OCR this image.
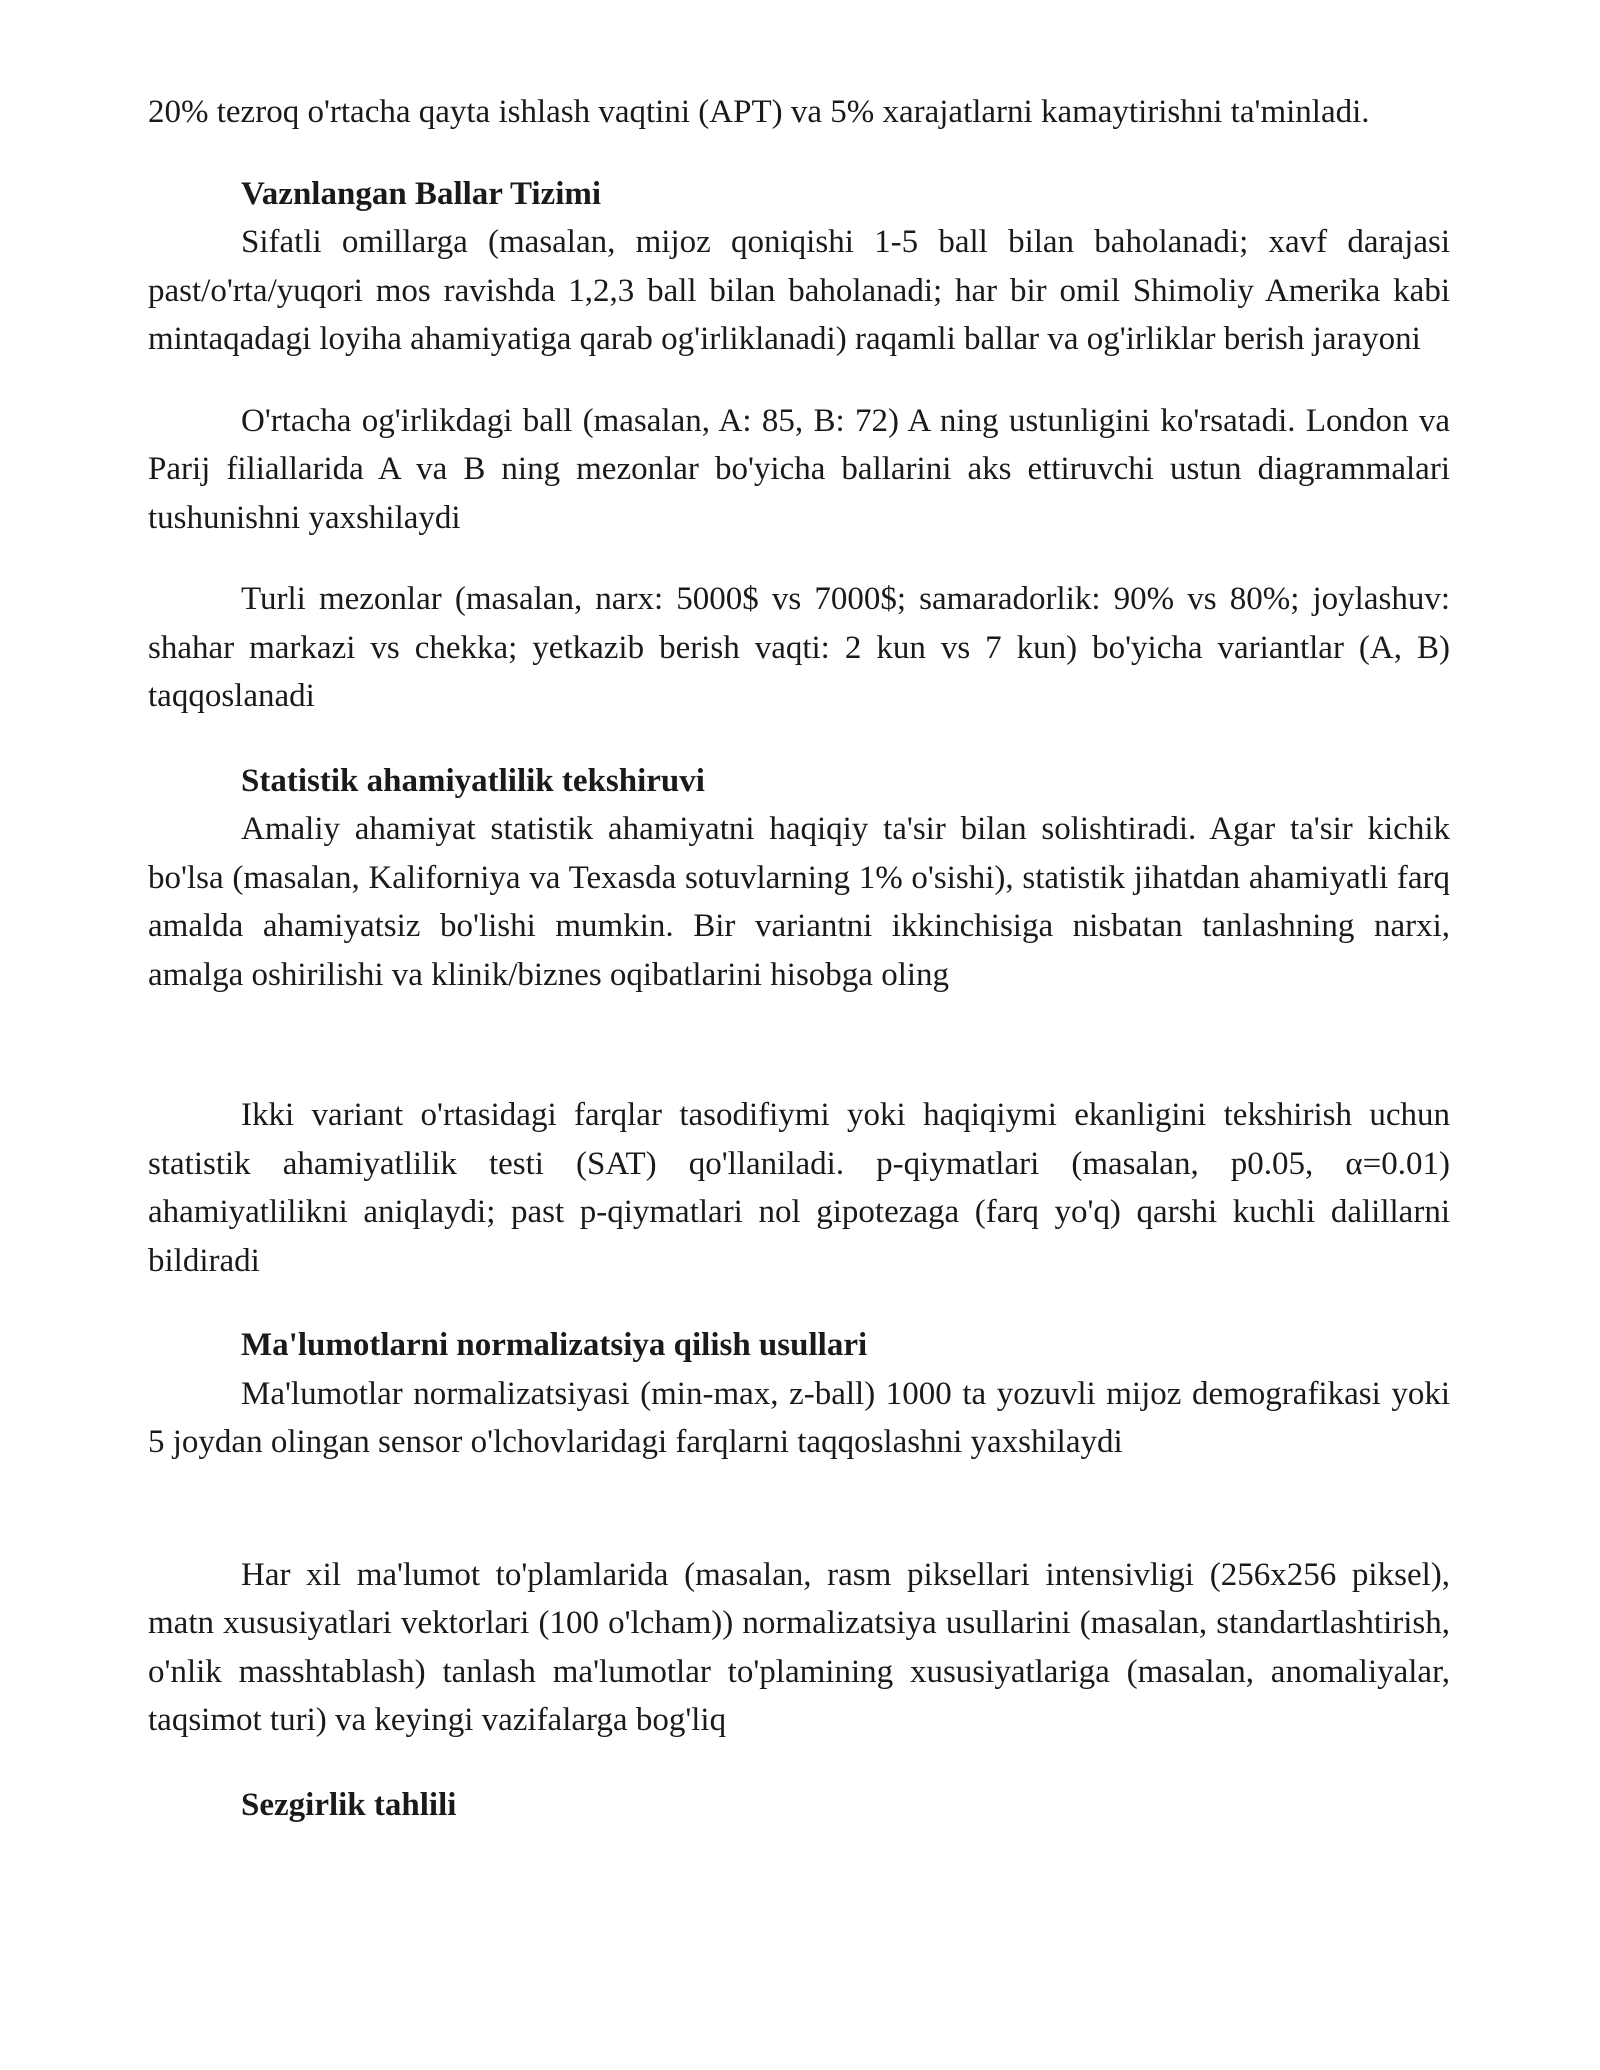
20% tezroq o'rtacha qayta ishlash vaqtini (APT) va 5% xarajatlarni kamaytirishni ta'minladi.

Vaznlangan Ballar Tizimi

Sifatli omillarga (masalan, mijoz qoniqishi 1-5 ball bilan baholanadi; xavf darajasi past/o'rta/yuqori mos ravishda 1,2,3 ball bilan baholanadi; har bir omil Shimoliy Amerika kabi mintaqadagi loyiha ahamiyatiga qarab og'irliklanadi) raqamli ballar va og'irliklar berish jarayoni

O'rtacha og'irlikdagi ball (masalan, A: 85, B: 72) A ning ustunligini ko'rsatadi. London va Parij filiallarida A va B ning mezonlar bo'yicha ballarini aks ettiruvchi ustun diagrammalari tushunishni yaxshilaydi

Turli mezonlar (masalan, narx: 5000$ vs 7000$; samaradorlik: 90% vs 80%; joylashuv: shahar markazi vs chekka; yetkazib berish vaqti: 2 kun vs 7 kun) bo'yicha variantlar (A, B) taqqoslanadi

Statistik ahamiyatlilik tekshiruvi

Amaliy ahamiyat statistik ahamiyatni haqiqiy ta'sir bilan solishtiradi. Agar ta'sir kichik bo'lsa (masalan, Kaliforniya va Texasda sotuvlarning 1% o'sishi), statistik jihatdan ahamiyatli farq amalda ahamiyatsiz bo'lishi mumkin. Bir variantni ikkinchisiga nisbatan tanlashning narxi, amalga oshirilishi va klinik/biznes oqibatlarini hisobga oling

Ikki variant o'rtasidagi farqlar tasodifiymi yoki haqiqiymi ekanligini tekshirish uchun statistik ahamiyatlilik testi (SAT) qo'llaniladi. p-qiymatlari (masalan, p0.05, α=0.01) ahamiyatlilikni aniqlaydi; past p-qiymatlari nol gipotezaga (farq yo'q) qarshi kuchli dalillarni bildiradi

Ma'lumotlarni normalizatsiya qilish usullari

Ma'lumotlar normalizatsiyasi (min-max, z-ball) 1000 ta yozuvli mijoz demografikasi yoki 5 joydan olingan sensor o'lchovlaridagi farqlarni taqqoslashni yaxshilaydi

Har xil ma'lumot to'plamlarida (masalan, rasm piksellari intensivligi (256x256 piksel), matn xususiyatlari vektorlari (100 o'lcham)) normalizatsiya usullarini (masalan, standartlashtirish, o'nlik masshtablash) tanlash ma'lumotlar to'plamining xususiyatlariga (masalan, anomaliyalar, taqsimot turi) va keyingi vazifalarga bog'liq

Sezgirlik tahlili
